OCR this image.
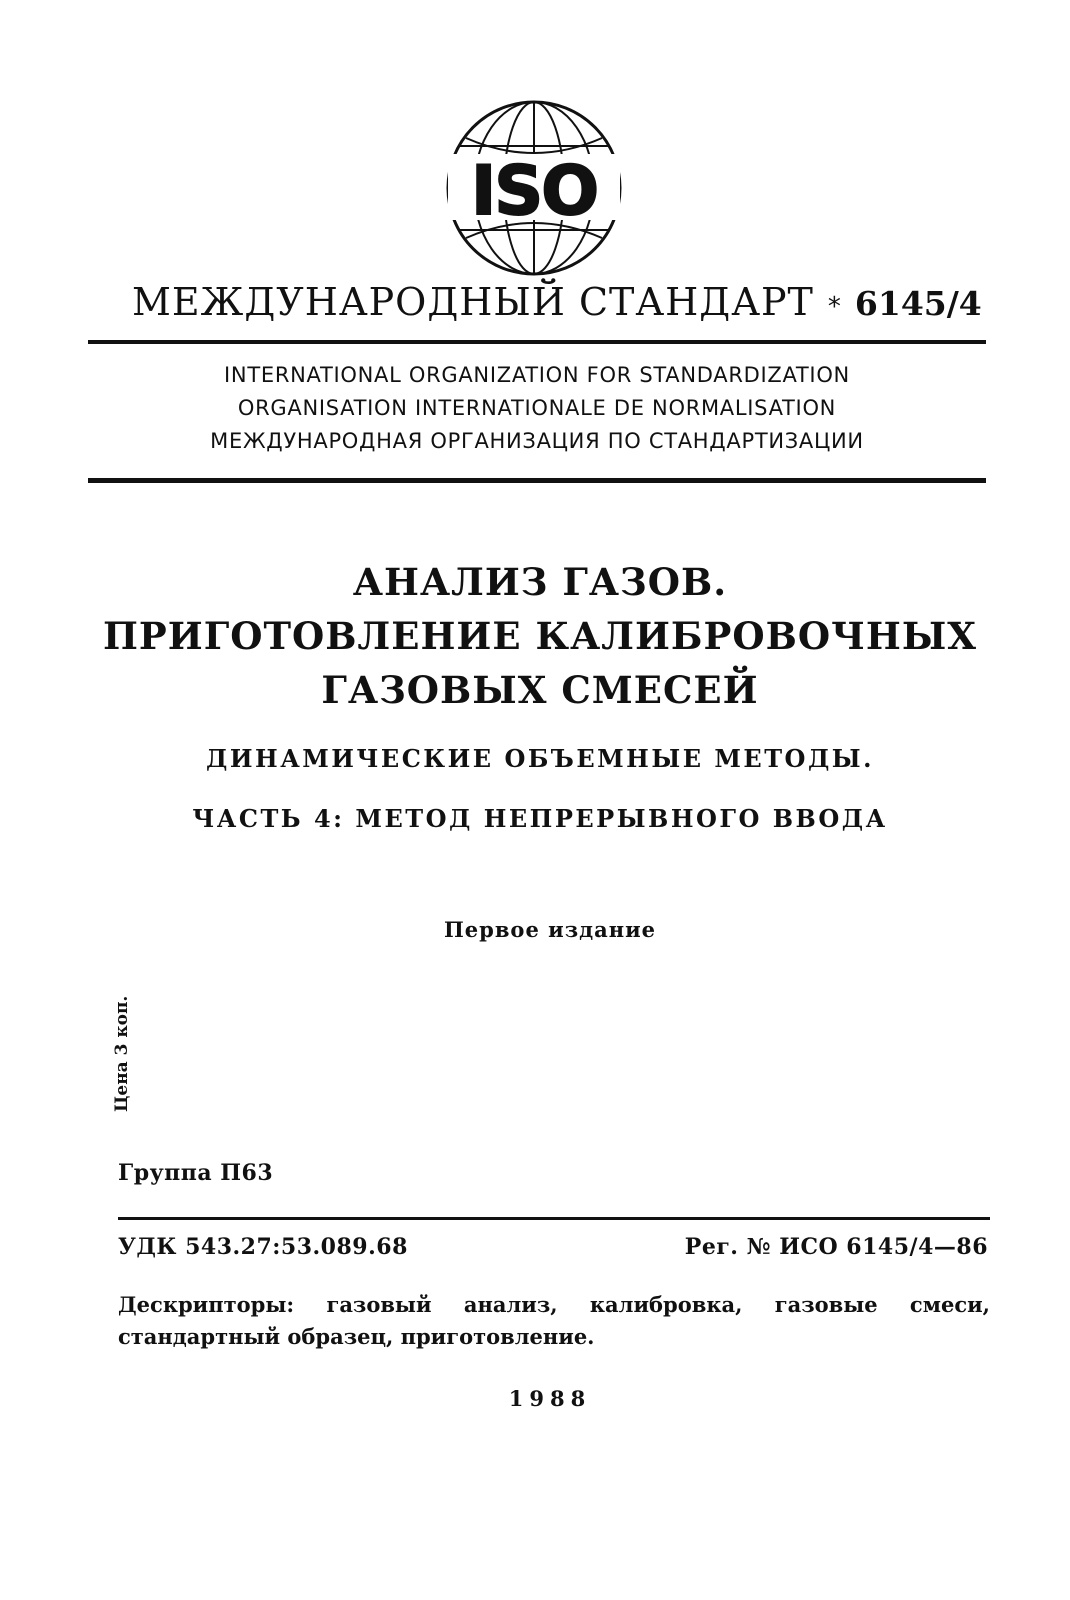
ISO
МЕЖДУНАРОДНЫЙ СТАНДАРТ * 6145/4
INTERNATIONAL ORGANIZATION FOR STANDARDIZATION
ORGANISATION INTERNATIONALE DE NORMALISATION
МЕЖДУНАРОДНАЯ ОРГАНИЗАЦИЯ ПО СТАНДАРТИЗАЦИИ
АНАЛИЗ ГАЗОВ.
ПРИГОТОВЛЕНИЕ КАЛИБРОВОЧНЫХ
ГАЗОВЫХ СМЕСЕЙ
ДИНАМИЧЕСКИЕ ОБЪЕМНЫЕ МЕТОДЫ.
ЧАСТЬ 4: МЕТОД НЕПРЕРЫВНОГО ВВОДА
Первое издание
Цена 3 коп.
Группа П63
УДК 543.27:53.089.68	Рег. № ИСО 6145/4—86
Дескрипторы: газовый анализ, калибровка, газовые смеси, стандартный образец, приготовление.
1988
